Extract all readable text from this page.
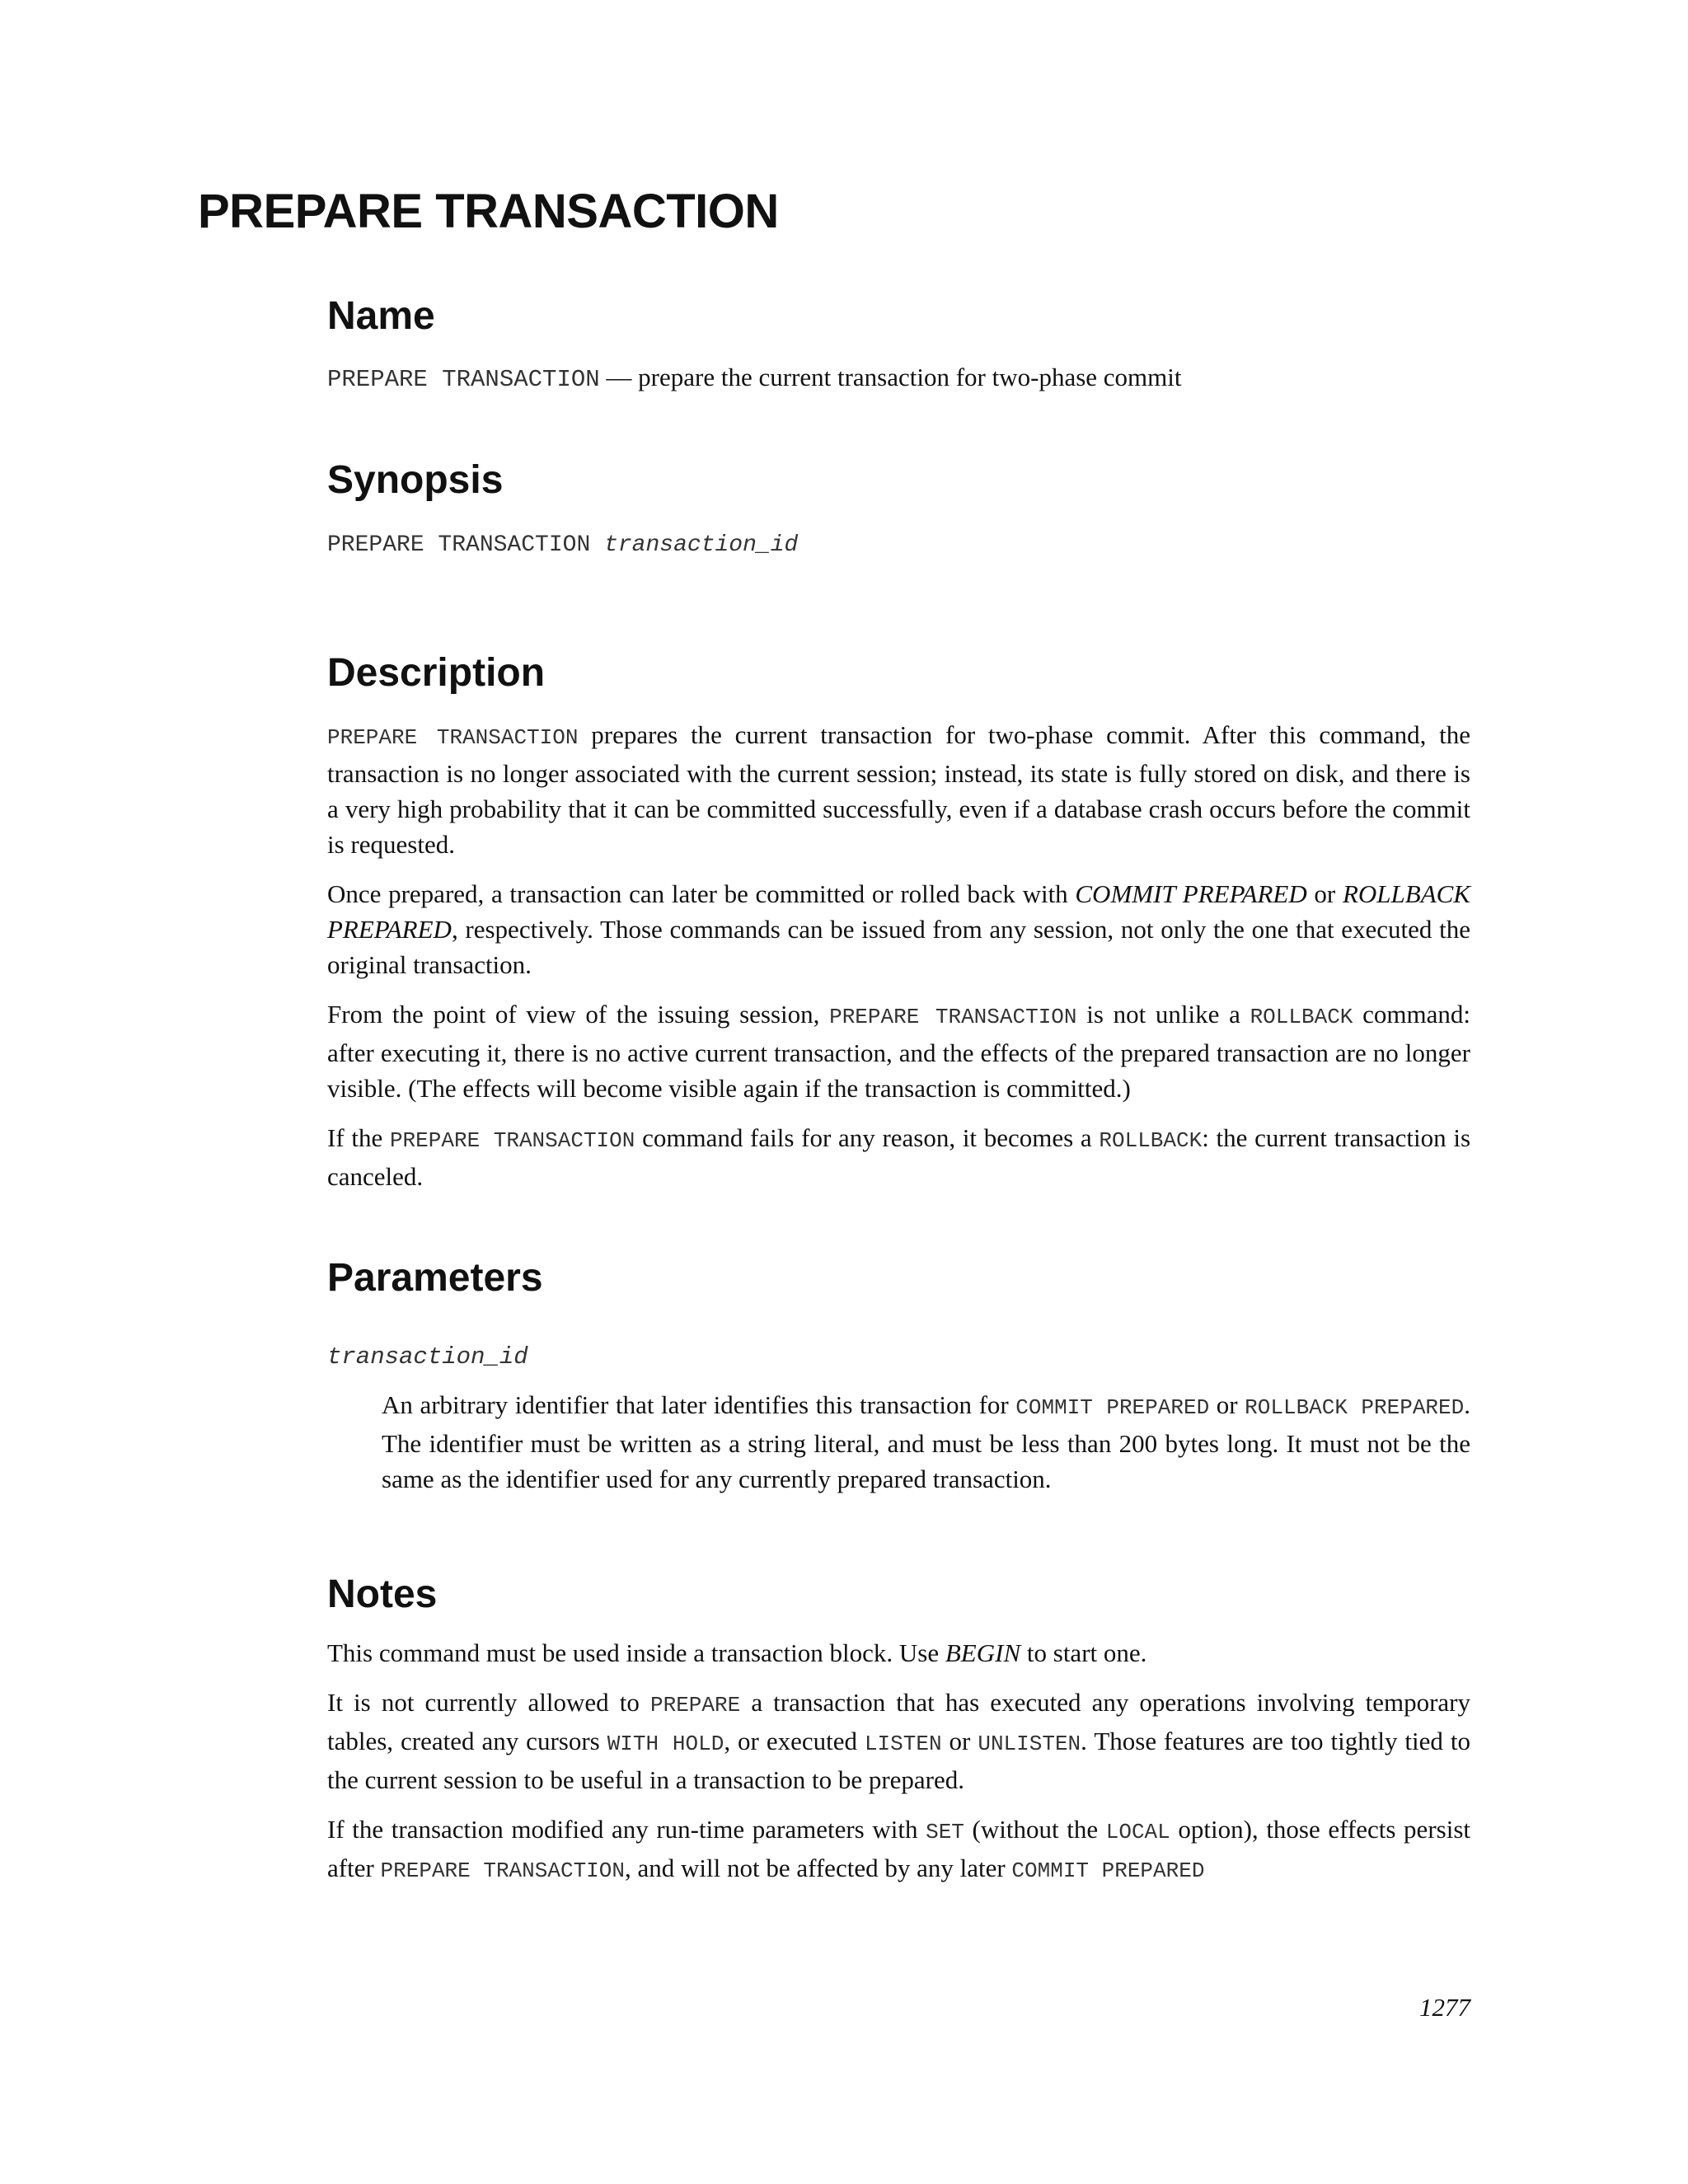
PREPARE TRANSACTION
Name

PREPARE TRANSACTION — prepare the current transaction for two-phase commit

Synopsis

PREPARE TRANSACTION transaction_id

Description

PREPARE TRANSACTION prepares the current transaction for two-phase commit. After this command, the transaction is no longer associated with the current session; instead, its state is fully stored on disk, and there is a very high probability that it can be committed successfully, even if a database crash occurs before the commit is requested.

Once prepared, a transaction can later be committed or rolled back with COMMIT PREPARED or ROLLBACK PREPARED, respectively. Those commands can be issued from any session, not only the one that executed the original transaction.

From the point of view of the issuing session, PREPARE TRANSACTION is not unlike a ROLLBACK command: after executing it, there is no active current transaction, and the effects of the prepared transaction are no longer visible. (The effects will become visible again if the transaction is committed.)

If the PREPARE TRANSACTION command fails for any reason, it becomes a ROLLBACK: the current transaction is canceled.

Parameters

transaction_id

An arbitrary identifier that later identifies this transaction for COMMIT PREPARED or ROLLBACK PREPARED. The identifier must be written as a string literal, and must be less than 200 bytes long. It must not be the same as the identifier used for any currently prepared transaction.

Notes

This command must be used inside a transaction block. Use BEGIN to start one.

It is not currently allowed to PREPARE a transaction that has executed any operations involving temporary tables, created any cursors WITH HOLD, or executed LISTEN or UNLISTEN. Those features are too tightly tied to the current session to be useful in a transaction to be prepared.

If the transaction modified any run-time parameters with SET (without the LOCAL option), those effects persist after PREPARE TRANSACTION, and will not be affected by any later COMMIT PREPARED

1277
